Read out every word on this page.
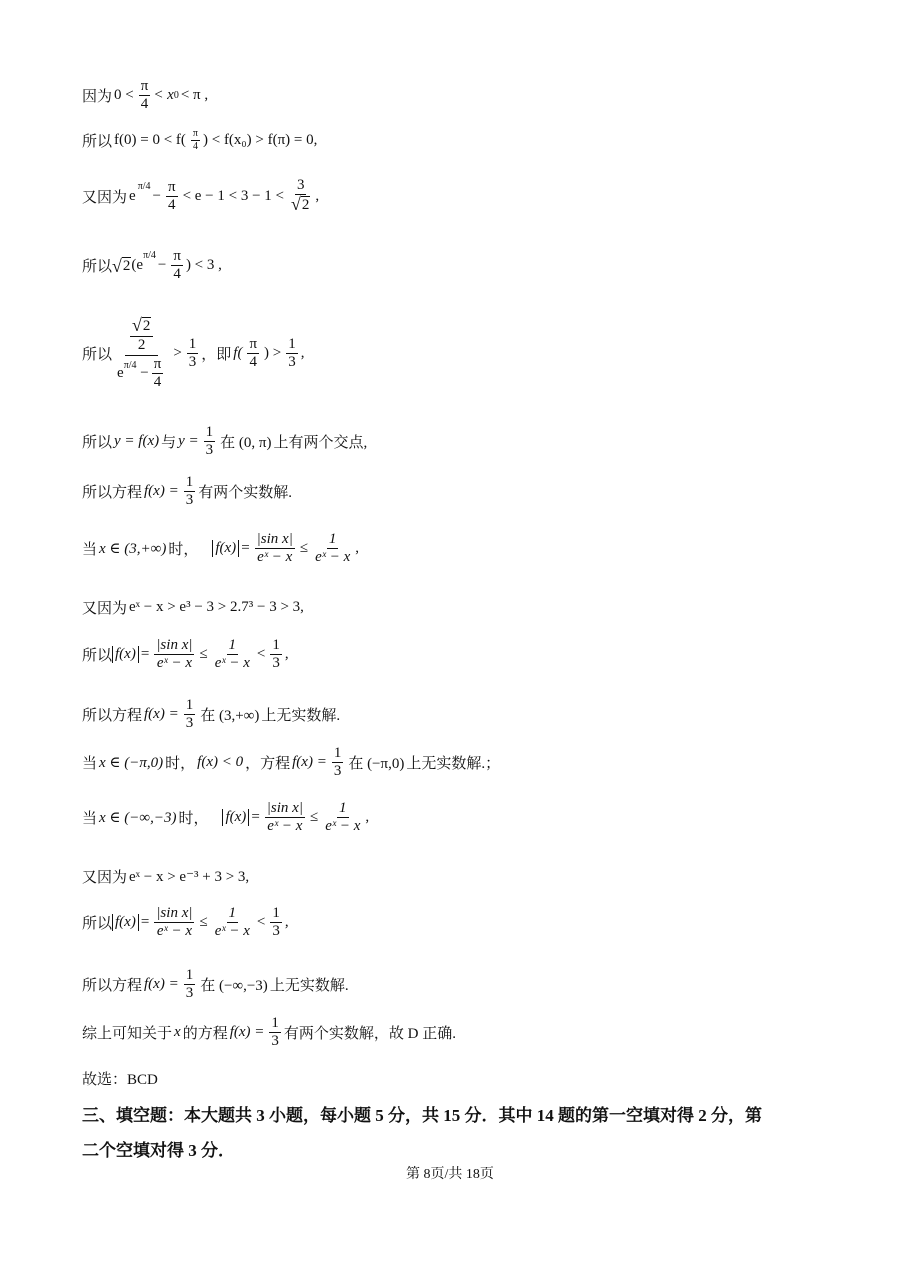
因为 $0 < \frac{\pi}{4} < x$ 0 < π ,
所以 $f(0) = 0 < f( \frac{\pi}{4}$ ) < f(x₀) > f(π) = 0,
又因为 e
$^{\pi/4}$
− $\frac{\pi}{4} < e - 1 < 3 - 1 < \frac{3}{√ 2}$ ,
所以 √ 2 (e
$^{\pi/4}$
− $\frac{\pi}{4}$ ) < 3 ,
所以 $\frac{\frac{√ 2}{2}}{e^{\pi/4} - \frac{\pi}{4}} > \frac{1}{3}$ ，即 $f( \frac{\pi}{4}$ ) > $\frac{1}{3}$ ,
所以 y = f(x) 与 $y = \frac{1}{3}$ 在 (0, π) 上有两个交点,
所以方程 $f(x) = \frac{1}{3}$ 有两个实数解.
当 x ∈ (3,+∞) 时， $f(x) = \frac{\text{|sin x|}}{\text{eˣ − x}} \le \frac{1}{\text{eˣ − x}}$ ,
又因为 eˣ − x > e³ − 3 > 2.7³ − 3 > 3,
所以 $f(x) = \frac{\text{|sin x|}}{\text{eˣ − x}} \le \frac{1}{\text{eˣ − x}} < \frac{1}{3}$ ,
所以方程 $f(x) = \frac{1}{3}$ 在 (3,+∞) 上无实数解.
当 x ∈ (−π,0) 时， f(x) < 0 ，方程 $f(x) = \frac{1}{3}$ 在 (−π,0) 上无实数解.；
当 x ∈ (−∞,−3) 时， $f(x) = \frac{\text{|sin x|}}{\text{eˣ − x}} \le \frac{1}{\text{eˣ − x}}$ ,
又因为 eˣ − x > e⁻³ + 3 > 3,
所以 $f(x) = \frac{\text{|sin x|}}{\text{eˣ − x}} \le \frac{1}{\text{eˣ − x}} < \frac{1}{3}$ ,
所以方程 $f(x) = \frac{1}{3}$ 在 (−∞,−3) 上无实数解.
综上可知关于 x 的方程 $f(x) = \frac{1}{3}$ 有两个实数解，故 D 正确.
故选：BCD
三、填空题：本大题共 3 小题，每小题 5 分，共 15 分．其中 14 题的第一空填对得 2 分，第
二个空填对得 3 分．
第 8页/共 18页
